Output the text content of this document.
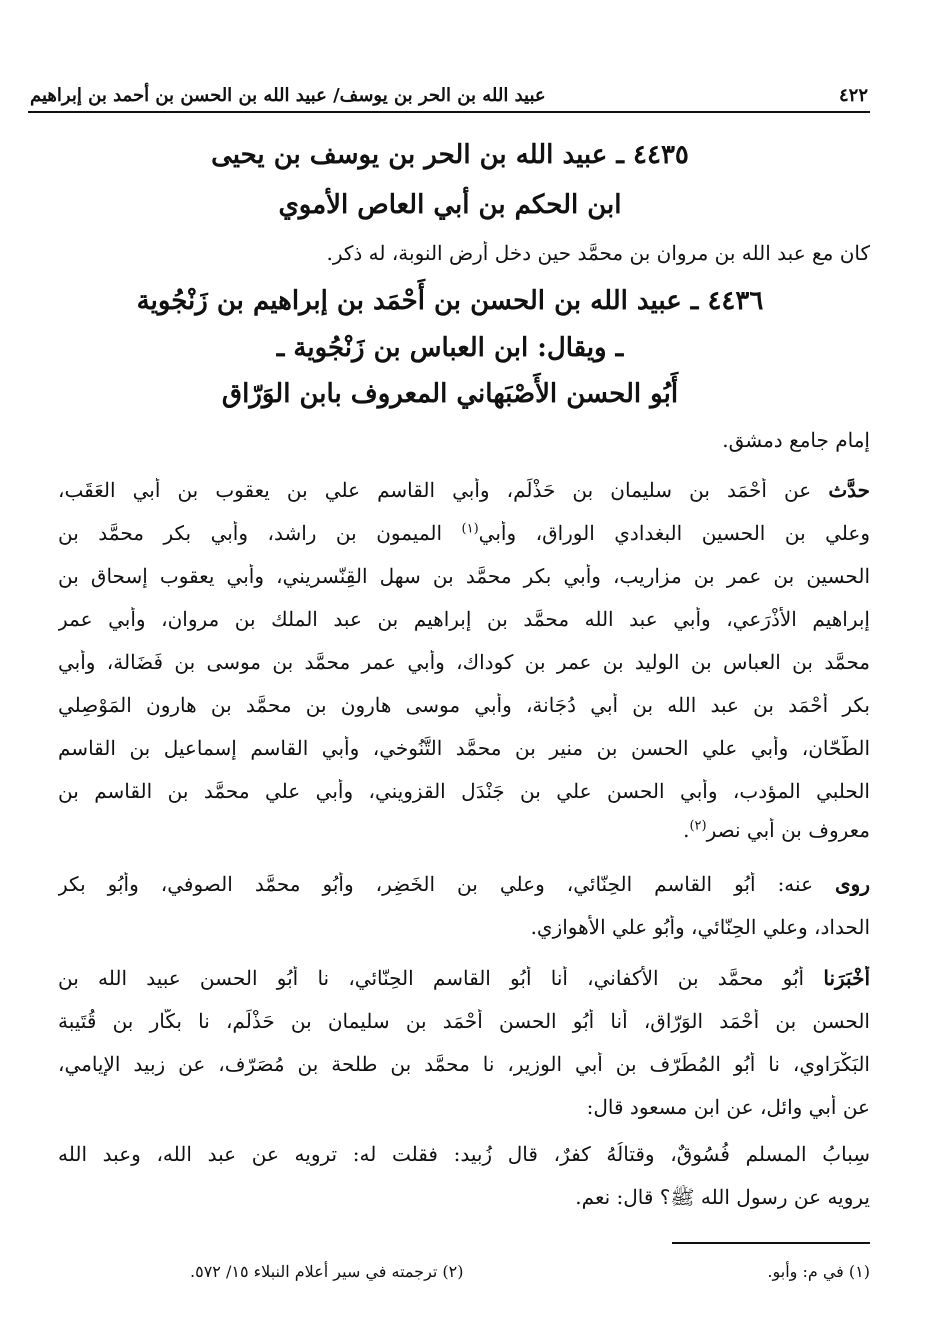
عبيد الله بن الحر بن يوسف/ عبيد الله بن الحسن بن أحمد بن إبراهيم	٤٢٢
٤٤٣٥ ـ عبيد الله بن الحر بن يوسف بن يحيى
ابن الحكم بن أبي العاص الأموي
كان مع عبد الله بن مروان بن محمَّد حين دخل أرض النوبة، له ذكر.
٤٤٣٦ ـ عبيد الله بن الحسن بن أَحْمَد بن إبراهيم بن زَنْجُوية
ـ ويقال: ابن العباس بن زَنْجُوية ـ
أَبُو الحسن الأَصْبَهاني المعروف بابن الوَرّاق
إمام جامع دمشق.
حدَّث عن أَحْمَد بن سليمان بن حَذْلَم، وأبي القاسم علي بن يعقوب بن أبي العَقَب،
وعلي بن الحسين البغدادي الوراق، وأبي$^{(١)}$ الميمون بن راشد، وأبي بكر محمَّد بن
الحسين بن عمر بن مزاريب، وأبي بكر محمَّد بن سهل القِنّسريني، وأبي يعقوب إسحاق بن
إبراهيم الأَذْرَعي، وأبي عبد الله محمَّد بن إبراهيم بن عبد الملك بن مروان، وأبي عمر
محمَّد بن العباس بن الوليد بن عمر بن كوداك، وأبي عمر محمَّد بن موسى بن فَضَالة، وأبي
بكر أَحْمَد بن عبد الله بن أبي دُجَانة، وأبي موسى هارون بن محمَّد بن هارون المَوْصِلي
الطّحّان، وأبي علي الحسن بن منير بن محمَّد التَّنُوخي، وأبي القاسم إسماعيل بن القاسم
الحلبي المؤدب، وأبي الحسن علي بن جَنْدَل القزويني، وأبي علي محمَّد بن القاسم بن
معروف بن أبي نصر$^{(٢)}$.
روى عنه: أَبُو القاسم الحِنّائي، وعلي بن الخَضِر، وأَبُو محمَّد الصوفي، وأَبُو بكر
الحداد، وعلي الحِنّائي، وأَبُو علي الأهوازي.
أَخْبَرَنا أَبُو محمَّد بن الأكفاني، أنا أَبُو القاسم الحِنّائي، نا أَبُو الحسن عبيد الله بن
الحسن بن أَحْمَد الوَرّاق، أنا أَبُو الحسن أَحْمَد بن سليمان بن حَذْلَم، نا بكّار بن قُتَيبة
البَكْرَاوي، نا أَبُو المُطَرّف بن أبي الوزير، نا محمَّد بن طلحة بن مُصَرّف، عن زبيد الإيامي،
عن أبي وائل، عن ابن مسعود قال:
سِبابُ المسلم فُسُوقٌ، وقتالُهُ كفرٌ، قال زُبيد: فقلت له: ترويه عن عبد الله، وعبد الله
يرويه عن رسول الله ﷺ؟ قال: نعم.
(٢) ترجمته في سير أعلام النبلاء ١٥/ ٥٧٢.	(١) في م: وأبو.
